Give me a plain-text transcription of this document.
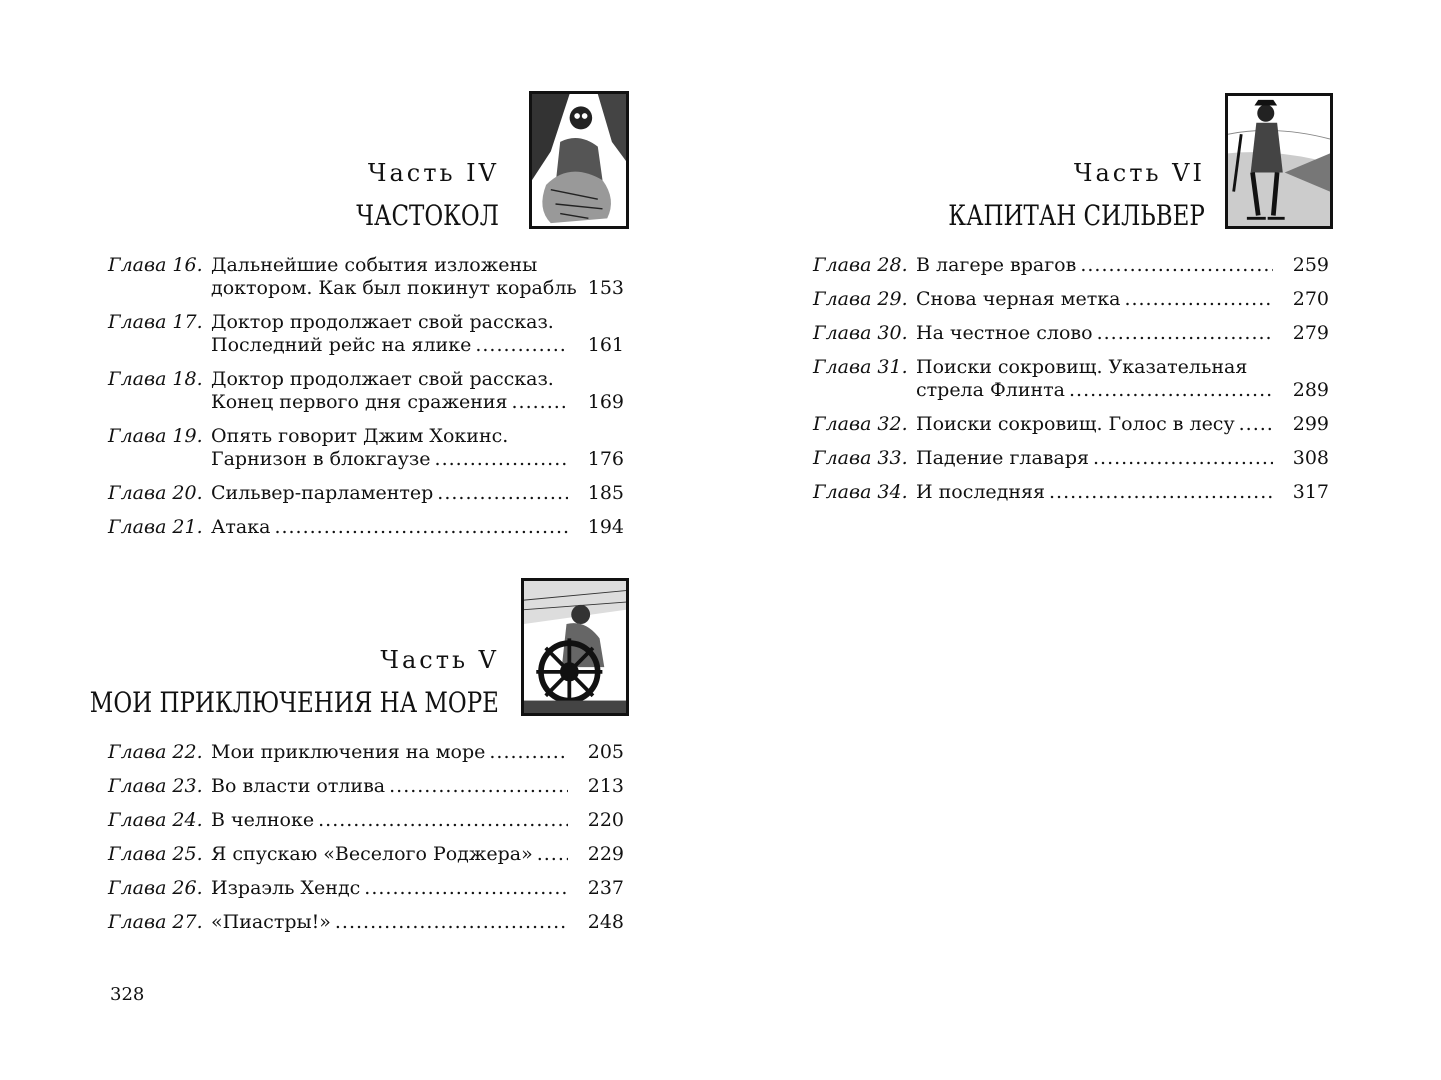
Часть IV
ЧАСТОКОЛ
Глава 16. Дальнейшие события изложены
доктором. Как был покинут корабль 153
Глава 17. Доктор продолжает свой рассказ.
Последний рейс на ялике .....	161
Глава 18. Доктор продолжает свой рассказ.
Конец первого дня сражения .....	169
Глава 19. Опять говорит Джим Хокинс.
Гарнизон в блокгаузе .....	176
Глава 20. Сильвер-парламентер .....	185
Глава 21. Атака .....	194
Часть V
МОИ ПРИКЛЮЧЕНИЯ НА МОРЕ
Глава 22. Мои приключения на море .....	205
Глава 23. Во власти отлива .....	213
Глава 24. В челноке .....	220
Глава 25. Я спускаю «Веселого Роджера» .....	229
Глава 26. Израэль Хендс .....	237
Глава 27. «Пиастры!» .....	248
328
Часть VI
КАПИТАН СИЛЬВЕР
Глава 28. В лагере врагов .....	259
Глава 29. Снова черная метка .....	270
Глава 30. На честное слово .....	279
Глава 31. Поиски сокровищ. Указательная
стрела Флинта .....	289
Глава 32. Поиски сокровищ. Голос в лесу .....	299
Глава 33. Падение главаря .....	308
Глава 34. И последняя .....	317
